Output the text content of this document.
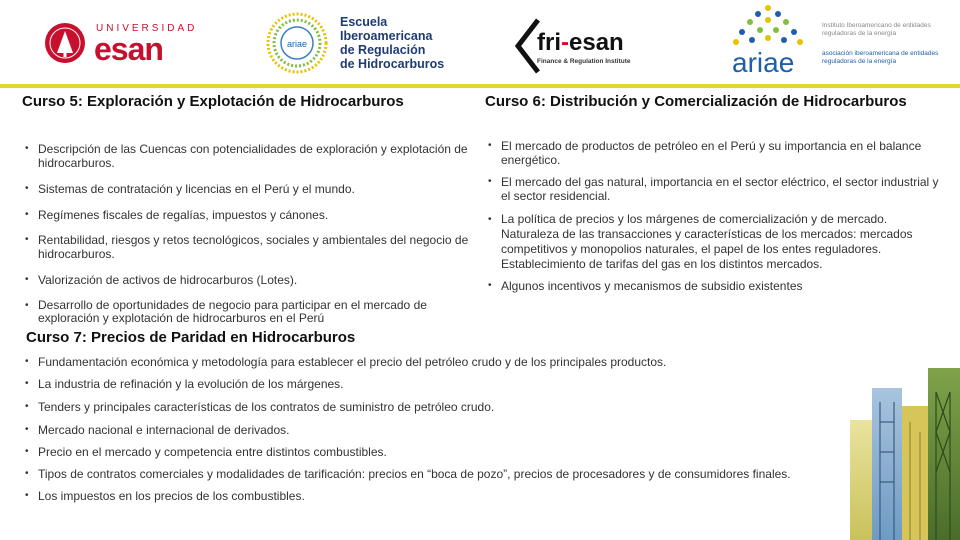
UNIVERSIDAD
esan	ariae
Escuela
Iberoamericana
de Regulación
de Hidrocarburos
fri-esan
Finance & Regulation Institute	ariae
Instituto Iberoamericano de entidades reguladoras de la energía
asociación iberoamericana de entidades reguladoras de la energía
Curso 5: Exploración y Explotación de Hidrocarburos
• Descripción de las Cuencas con potencialidades de exploración y explotación de hidrocarburos.
• Sistemas de contratación y licencias en el Perú y el mundo.
• Regímenes fiscales de regalías, impuestos y cánones.
• Rentabilidad, riesgos y retos tecnológicos, sociales y ambientales del negocio de hidrocarburos.
• Valorización de activos de hidrocarburos (Lotes).
• Desarrollo de oportunidades de negocio para participar en el mercado de exploración y explotación de hidrocarburos en el Perú
Curso 6: Distribución y Comercialización de Hidrocarburos
• El mercado de productos de petróleo en el Perú y su importancia en el balance energético.
• El mercado del gas natural, importancia en el sector eléctrico, el sector industrial y el sector residencial.
• La política de precios y los márgenes de comercialización y de mercado. Naturaleza de las transacciones y características de los mercados: mercados competitivos y monopolios naturales, el papel de los entes reguladores. Establecimiento de tarifas del gas en los distintos mercados.
• Algunos incentivos y mecanismos de subsidio existentes
Curso 7: Precios de Paridad en Hidrocarburos
• Fundamentación económica y metodología para establecer el precio del petróleo crudo y de los principales productos.
• La industria de refinación y la evolución de los márgenes.
• Tenders y principales características de los contratos de suministro de petróleo crudo.
• Mercado nacional e internacional de derivados.
• Precio en el mercado y competencia entre distintos combustibles.
• Tipos de contratos comerciales y modalidades de tarificación: precios en “boca de pozo”, precios de procesadores y de consumidores finales.
• Los impuestos en los precios de los combustibles.
